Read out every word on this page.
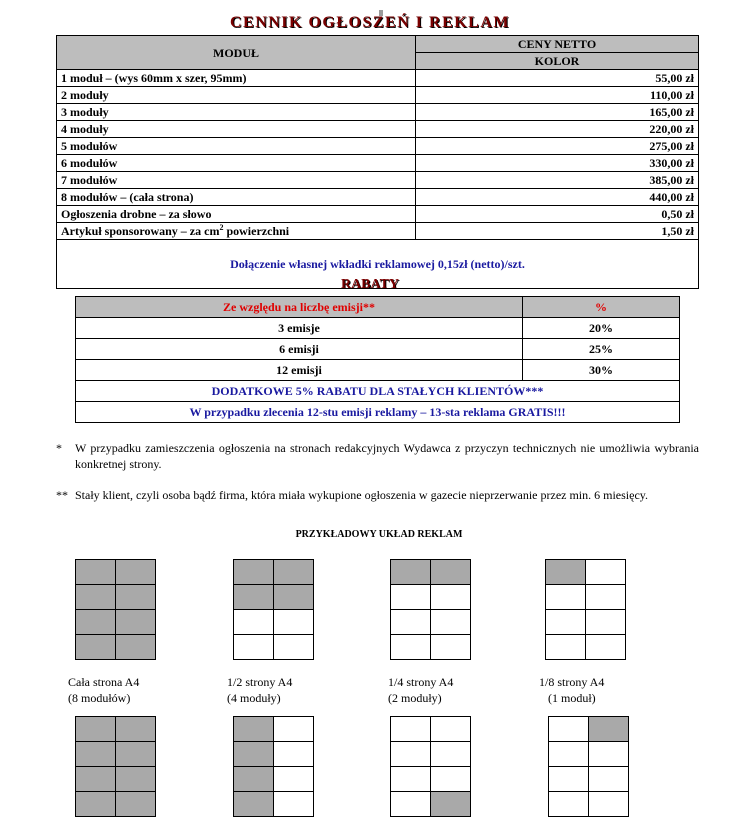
CENNIK OGŁOSZEŃ I REKLAM
MODUŁ	CENY NETTO
	KOLOR
1 moduł – (wys 60mm x szer, 95mm)	55,00 zł
2 moduły	110,00 zł
3 moduły	165,00 zł
4 moduły	220,00 zł
5 modułów	275,00 zł
6 modułów	330,00 zł
7 modułów	385,00 zł
8 modułów – (cała strona)	440,00 zł
Ogłoszenia drobne – za słowo	0,50 zł
Artykuł sponsorowany – za $cm^2$ powierzchni	1,50 zł
Dołączenie własnej wkładki reklamowej 0,15zł (netto)/szt.	
RABATY
Ze względu na liczbę emisji**	%
3 emisje	20%
6 emisji	25%
12 emisji	30%
DODATKOWE 5% RABATU DLA STAŁYCH KLIENTÓW***	
W przypadku zlecenia 12-stu emisji reklamy – 13-sta reklama GRATIS!!!	
*	W przypadku zamieszczenia ogłoszenia na stronach redakcyjnych Wydawca z przyczyn technicznych nie umożliwia wybrania konkretnej strony.
** Stały klient, czyli osoba bądź firma, która miała wykupione ogłoszenia w gazecie nieprzerwanie przez min. 6 miesięcy.
PRZYKŁADOWY UKŁAD REKLAM
Cała strona A4
(8 modułów)
1/2 strony A4
(4 moduły)
1/4 strony A4
(2 moduły)
1/8 strony A4
(1 moduł)
